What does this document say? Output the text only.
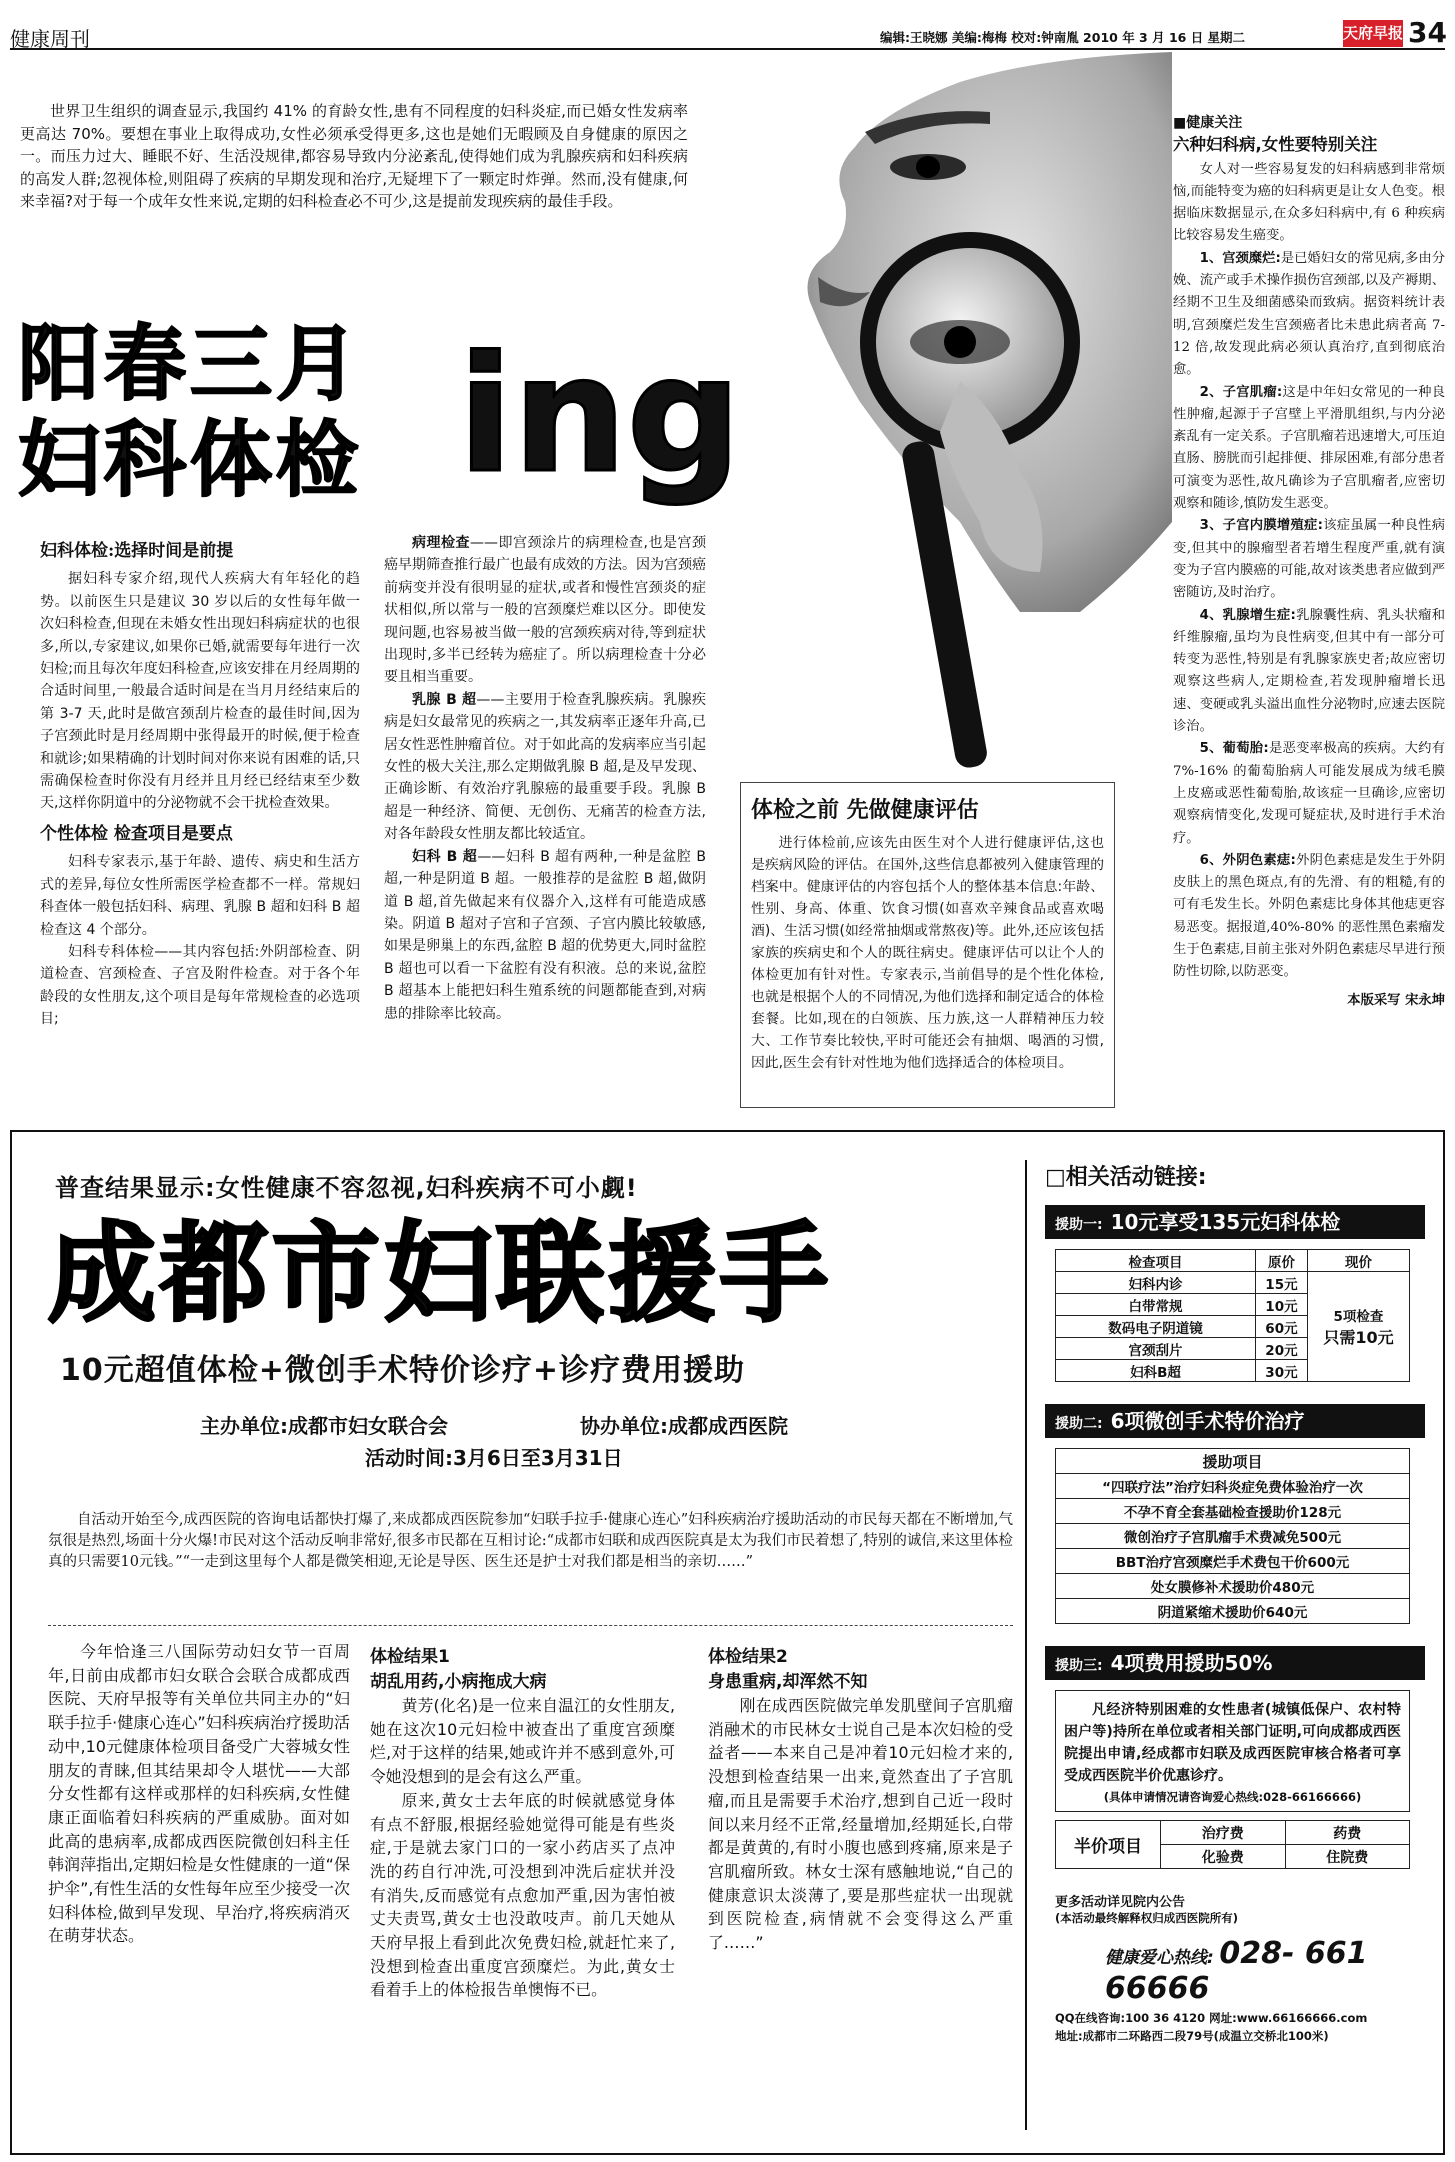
健康周刊	编辑:王晓娜 美编:梅梅 校对:钟南胤 2010 年 3 月 16 日 星期二	天府早报 34

世界卫生组织的调查显示,我国约 41% 的育龄女性,患有不同程度的妇科炎症,而已婚女性发病率更高达 70%。要想在事业上取得成功,女性必须承受得更多,这也是她们无暇顾及自身健康的原因之一。而压力过大、睡眠不好、生活没规律,都容易导致内分泌紊乱,使得她们成为乳腺疾病和妇科疾病的高发人群;忽视体检,则阻碍了疾病的早期发现和治疗,无疑埋下了一颗定时炸弹。然而,没有健康,何来幸福?对于每一个成年女性来说,定期的妇科检查必不可少,这是提前发现疾病的最佳手段。

阳春三月
妇科体检 ing
妇科体检:选择时间是前提

据妇科专家介绍,现代人疾病大有年轻化的趋势。以前医生只是建议 30 岁以后的女性每年做一次妇科检查,但现在未婚女性出现妇科病症状的也很多,所以,专家建议,如果你已婚,就需要每年进行一次妇检;而且每次年度妇科检查,应该安排在月经周期的合适时间里,一般最合适时间是在当月月经结束后的第 3-7 天,此时是做宫颈刮片检查的最佳时间,因为子宫颈此时是月经周期中张得最开的时候,便于检查和就诊;如果精确的计划时间对你来说有困难的话,只需确保检查时你没有月经并且月经已经结束至少数天,这样你阴道中的分泌物就不会干扰检查效果。

个性体检 检查项目是要点

妇科专家表示,基于年龄、遗传、病史和生活方式的差异,每位女性所需医学检查都不一样。常规妇科查体一般包括妇科、病理、乳腺 B 超和妇科 B 超检查这 4 个部分。

妇科专科体检——其内容包括:外阴部检查、阴道检查、宫颈检查、子宫及附件检查。对于各个年龄段的女性朋友,这个项目是每年常规检查的必选项目;

病理检查——即宫颈涂片的病理检查,也是宫颈癌早期筛查推行最广也最有成效的方法。因为宫颈癌前病变并没有很明显的症状,或者和慢性宫颈炎的症状相似,所以常与一般的宫颈糜烂难以区分。即使发现问题,也容易被当做一般的宫颈疾病对待,等到症状出现时,多半已经转为癌症了。所以病理检查十分必要且相当重要。

乳腺 B 超——主要用于检查乳腺疾病。乳腺疾病是妇女最常见的疾病之一,其发病率正逐年升高,已居女性恶性肿瘤首位。对于如此高的发病率应当引起女性的极大关注,那么定期做乳腺 B 超,是及早发现、正确诊断、有效治疗乳腺癌的最重要手段。乳腺 B 超是一种经济、简便、无创伤、无痛苦的检查方法,对各年龄段女性朋友都比较适宜。

妇科 B 超——妇科 B 超有两种,一种是盆腔 B 超,一种是阴道 B 超。一般推荐的是盆腔 B 超,做阴道 B 超,首先做起来有仪器介入,这样有可能造成感染。阴道 B 超对子宫和子宫颈、子宫内膜比较敏感,如果是卵巢上的东西,盆腔 B 超的优势更大,同时盆腔 B 超也可以看一下盆腔有没有积液。总的来说,盆腔 B 超基本上能把妇科生殖系统的问题都能查到,对病患的排除率比较高。

体检之前 先做健康评估

进行体检前,应该先由医生对个人进行健康评估,这也是疾病风险的评估。在国外,这些信息都被列入健康管理的档案中。健康评估的内容包括个人的整体基本信息:年龄、性别、身高、体重、饮食习惯(如喜欢辛辣食品或喜欢喝酒)、生活习惯(如经常抽烟或常熬夜)等。此外,还应该包括家族的疾病史和个人的既往病史。健康评估可以让个人的体检更加有针对性。专家表示,当前倡导的是个性化体检,也就是根据个人的不同情况,为他们选择和制定适合的体检套餐。比如,现在的白领族、压力族,这一人群精神压力较大、工作节奏比较快,平时可能还会有抽烟、喝酒的习惯,因此,医生会有针对性地为他们选择适合的体检项目。

■健康关注
六种妇科病,女性要特别关注

女人对一些容易复发的妇科病感到非常烦恼,而能特变为癌的妇科病更是让女人色变。根据临床数据显示,在众多妇科病中,有 6 种疾病比较容易发生癌变。

1、宫颈糜烂:是已婚妇女的常见病,多由分娩、流产或手术操作损伤宫颈部,以及产褥期、经期不卫生及细菌感染而致病。据资料统计表明,宫颈糜烂发生宫颈癌者比未患此病者高 7-12 倍,故发现此病必须认真治疗,直到彻底治愈。

2、子宫肌瘤:这是中年妇女常见的一种良性肿瘤,起源于子宫壁上平滑肌组织,与内分泌紊乱有一定关系。子宫肌瘤若迅速增大,可压迫直肠、膀胱而引起排便、排尿困难,有部分患者可演变为恶性,故凡确诊为子宫肌瘤者,应密切观察和随诊,慎防发生恶变。

3、子宫内膜增殖症:该症虽属一种良性病变,但其中的腺瘤型者若增生程度严重,就有演变为子宫内膜癌的可能,故对该类患者应做到严密随访,及时治疗。

4、乳腺增生症:乳腺囊性病、乳头状瘤和纤维腺瘤,虽均为良性病变,但其中有一部分可转变为恶性,特别是有乳腺家族史者;故应密切观察这些病人,定期检查,若发现肿瘤增长迅速、变硬或乳头溢出血性分泌物时,应速去医院诊治。

5、葡萄胎:是恶变率极高的疾病。大约有 7%-16% 的葡萄胎病人可能发展成为绒毛膜上皮癌或恶性葡萄胎,故该症一旦确诊,应密切观察病情变化,发现可疑症状,及时进行手术治疗。

6、外阴色素痣:外阴色素痣是发生于外阴皮肤上的黑色斑点,有的先滑、有的粗糙,有的可有毛发生长。外阴色素痣比身体其他痣更容易恶变。据报道,40%-80% 的恶性黑色素瘤发生于色素痣,目前主张对外阴色素痣尽早进行预防性切除,以防恶变。

本版采写 宋永坤
普查结果显示:女性健康不容忽视,妇科疾病不可小觑!
成都市妇联援手
10元超值体检+微创手术特价诊疗+诊疗费用援助
主办单位:成都市妇女联合会	协办单位:成都成西医院
活动时间:3月6日至3月31日
自活动开始至今,成西医院的咨询电话都快打爆了,来成都成西医院参加“妇联手拉手·健康心连心”妇科疾病治疗援助活动的市民每天都在不断增加,气氛很是热烈,场面十分火爆!市民对这个活动反响非常好,很多市民都在互相讨论:“成都市妇联和成西医院真是太为我们市民着想了,特别的诚信,来这里体检真的只需要10元钱。”“一走到这里每个人都是微笑相迎,无论是导医、医生还是护士对我们都是相当的亲切……”
今年恰逢三八国际劳动妇女节一百周年,日前由成都市妇女联合会联合成都成西医院、天府早报等有关单位共同主办的“妇联手拉手·健康心连心”妇科疾病治疗援助活动中,10元健康体检项目备受广大蓉城女性朋友的青睐,但其结果却令人堪忧——大部分女性都有这样或那样的妇科疾病,女性健康正面临着妇科疾病的严重威胁。面对如此高的患病率,成都成西医院微创妇科主任韩润萍指出,定期妇检是女性健康的一道“保护伞”,有性生活的女性每年应至少接受一次妇科体检,做到早发现、早治疗,将疾病消灭在萌芽状态。
体检结果1
胡乱用药,小病拖成大病

黄芳(化名)是一位来自温江的女性朋友,她在这次10元妇检中被查出了重度宫颈糜烂,对于这样的结果,她或许并不感到意外,可令她没想到的是会有这么严重。

原来,黄女士去年底的时候就感觉身体有点不舒服,根据经验她觉得可能是有些炎症,于是就去家门口的一家小药店买了点冲洗的药自行冲洗,可没想到冲洗后症状并没有消失,反而感觉有点愈加严重,因为害怕被丈夫责骂,黄女士也没敢吱声。前几天她从天府早报上看到此次免费妇检,就赶忙来了,没想到检查出重度宫颈糜烂。为此,黄女士看着手上的体检报告单懊悔不已。

体检结果2
身患重病,却浑然不知

刚在成西医院做完单发肌壁间子宫肌瘤消融术的市民林女士说自己是本次妇检的受益者——本来自己是冲着10元妇检才来的,没想到检查结果一出来,竟然查出了子宫肌瘤,而且是需要手术治疗,想到自己近一段时间以来月经不正常,经量增加,经期延长,白带都是黄黄的,有时小腹也感到疼痛,原来是子宫肌瘤所致。林女士深有感触地说,“自己的健康意识太淡薄了,要是那些症状一出现就到医院检查,病情就不会变得这么严重了……”

□相关活动链接:
援助一: 10元享受135元妇科体检
检查项目	原价	现价
妇科内诊	15元	5项检查
只需10元

白带常规	10元	
数码电子阴道镜	60元	
宫颈刮片	20元	
妇科B超	30元	
援助二: 6项微创手术特价治疗
援助项目
“四联疗法”治疗妇科炎症免费体验治疗一次
不孕不育全套基础检查援助价128元
微创治疗子宫肌瘤手术费减免500元
BBT治疗宫颈糜烂手术费包干价600元
处女膜修补术援助价480元
阴道紧缩术援助价640元
援助三: 4项费用援助50%

凡经济特别困难的女性患者(城镇低保户、农村特困户等)持所在单位或者相关部门证明,可向成都成西医院提出申请,经成都市妇联及成西医院审核合格者可享受成西医院半价优惠诊疗。

(具体申请情况请咨询爱心热线:028-66166666)

半价项目	治疗费	药费
	化验费	住院费
更多活动详见院内公告
(本活动最终解释权归成西医院所有)
健康爱心热线: 028- 661 66666
QQ在线咨询:100 36 4120 网址:www.66166666.com
地址:成都市二环路西二段79号(成温立交桥北100米)
